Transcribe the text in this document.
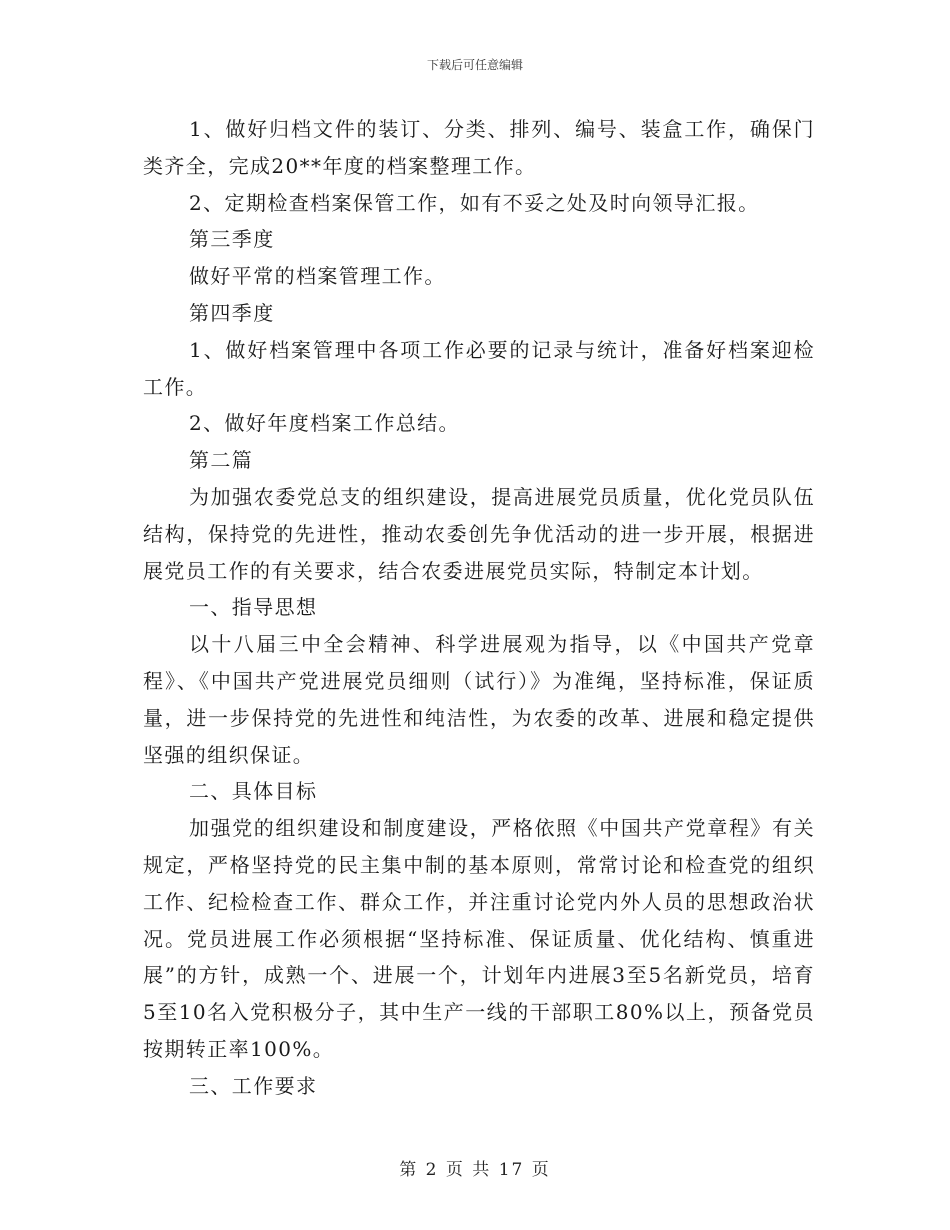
下载后可任意编辑

1、做好归档文件的装订、分类、排列、编号、装盒工作，确保门类齐全，完成20**年度的档案整理工作。

2、定期检查档案保管工作，如有不妥之处及时向领导汇报。

第三季度

做好平常的档案管理工作。

第四季度

1、做好档案管理中各项工作必要的记录与统计，准备好档案迎检工作。

2、做好年度档案工作总结。

第二篇

为加强农委党总支的组织建设，提高进展党员质量，优化党员队伍结构，保持党的先进性，推动农委创先争优活动的进一步开展，根据进展党员工作的有关要求，结合农委进展党员实际，特制定本计划。

一、指导思想

以十八届三中全会精神、科学进展观为指导，以《中国共产党章程》、《中国共产党进展党员细则（试行）》为准绳，坚持标准，保证质量，进一步保持党的先进性和纯洁性，为农委的改革、进展和稳定提供坚强的组织保证。

二、具体目标

加强党的组织建设和制度建设，严格依照《中国共产党章程》有关规定，严格坚持党的民主集中制的基本原则，常常讨论和检查党的组织工作、纪检检查工作、群众工作，并注重讨论党内外人员的思想政治状况。党员进展工作必须根据“坚持标准、保证质量、优化结构、慎重进展”的方针，成熟一个、进展一个，计划年内进展3至5名新党员，培育5至10名入党积极分子，其中生产一线的干部职工80%以上，预备党员按期转正率100%。

三、工作要求

第 2 页 共 17 页
